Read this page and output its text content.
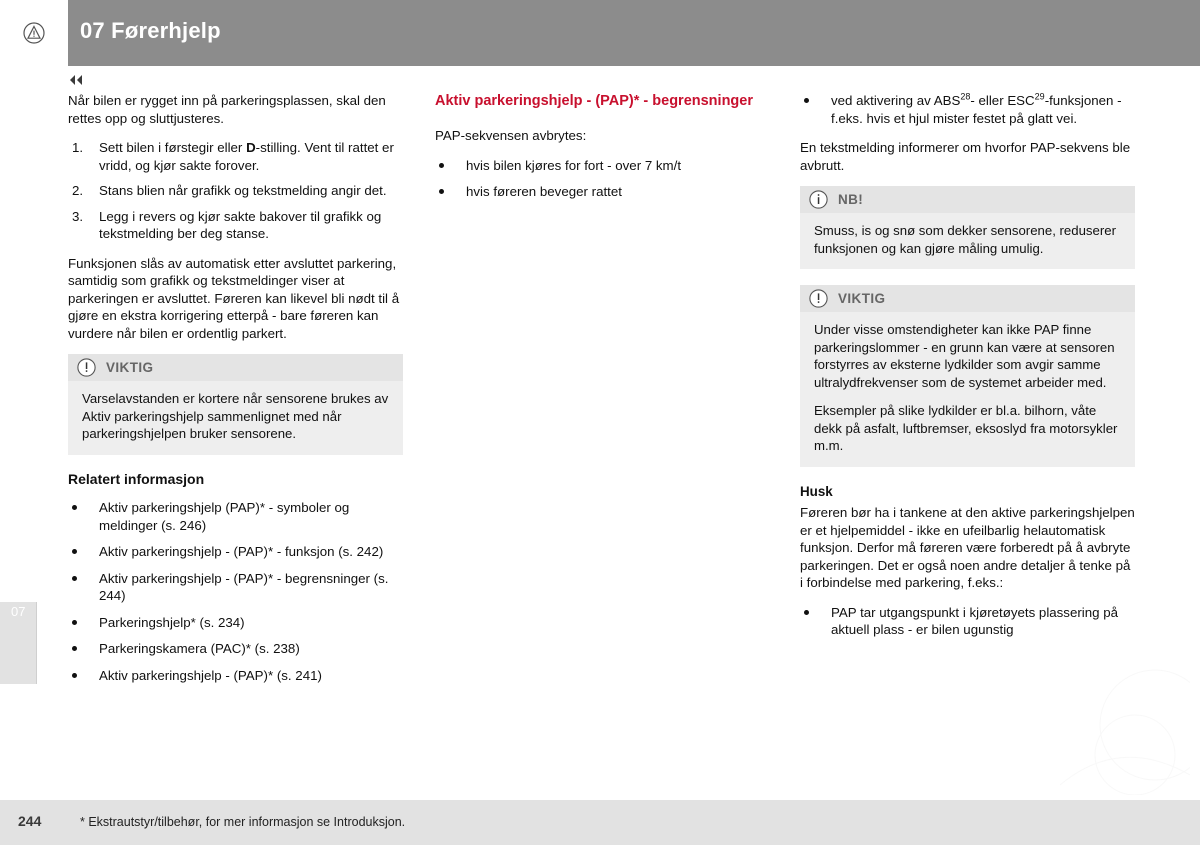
07 Førerhjelp
07

Når bilen er rygget inn på parkeringsplassen, skal den rettes opp og sluttjusteres.

Sett bilen i førstegir eller D-stilling. Vent til rattet er vridd, og kjør sakte forover.
Stans blien når grafikk og tekstmelding angir det.
Legg i revers og kjør sakte bakover til grafikk og tekstmelding ber deg stanse.

Funksjonen slås av automatisk etter avsluttet parkering, samtidig som grafikk og tekstmeldinger viser at parkeringen er avsluttet. Føreren kan likevel bli nødt til å gjøre en ekstra korrigering etterpå - bare føreren kan vurdere når bilen er ordentlig parkert.

VIKTIG

Varselavstanden er kortere når sensorene brukes av Aktiv parkeringshjelp sammenlignet med når parkeringshjelpen bruker sensorene.

Relatert informasjon
Aktiv parkeringshjelp (PAP)* - symboler og meldinger (s. 246)
Aktiv parkeringshjelp - (PAP)* - funksjon (s. 242)
Aktiv parkeringshjelp - (PAP)* - begrensninger (s. 244)
Parkeringshjelp* (s. 234)
Parkeringskamera (PAC)* (s. 238)
Aktiv parkeringshjelp - (PAP)* (s. 241)
Aktiv parkeringshjelp - (PAP)* - begrensninger

PAP-sekvensen avbrytes:

hvis bilen kjøres for fort - over 7 km/t
hvis føreren beveger rattet
ved aktivering av ABS$^{28}$- eller ESC$^{29}$-funksjonen - f.eks. hvis et hjul mister festet på glatt vei.

En tekstmelding informerer om hvorfor PAP-sekvens ble avbrutt.

NB!

Smuss, is og snø som dekker sensorene, reduserer funksjonen og kan gjøre måling umulig.

VIKTIG

Under visse omstendigheter kan ikke PAP finne parkeringslommer - en grunn kan være at sensoren forstyrres av eksterne lydkilder som avgir samme ultralydfrekvenser som de systemet arbeider med.

Eksempler på slike lydkilder er bl.a. bilhorn, våte dekk på asfalt, luftbremser, eksoslyd fra motorsykler m.m.

Husk

Føreren bør ha i tankene at den aktive parkeringshjelpen er et hjelpemiddel - ikke en ufeilbarlig helautomatisk funksjon. Derfor må føreren være forberedt på å avbryte parkeringen. Det er også noen andre detaljer å tenke på i forbindelse med parkering, f.eks.:

PAP tar utgangspunkt i kjøretøyets plassering på aktuell plass - er bilen ugunstig
244	* Ekstrautstyr/tilbehør, for mer informasjon se Introduksjon.
